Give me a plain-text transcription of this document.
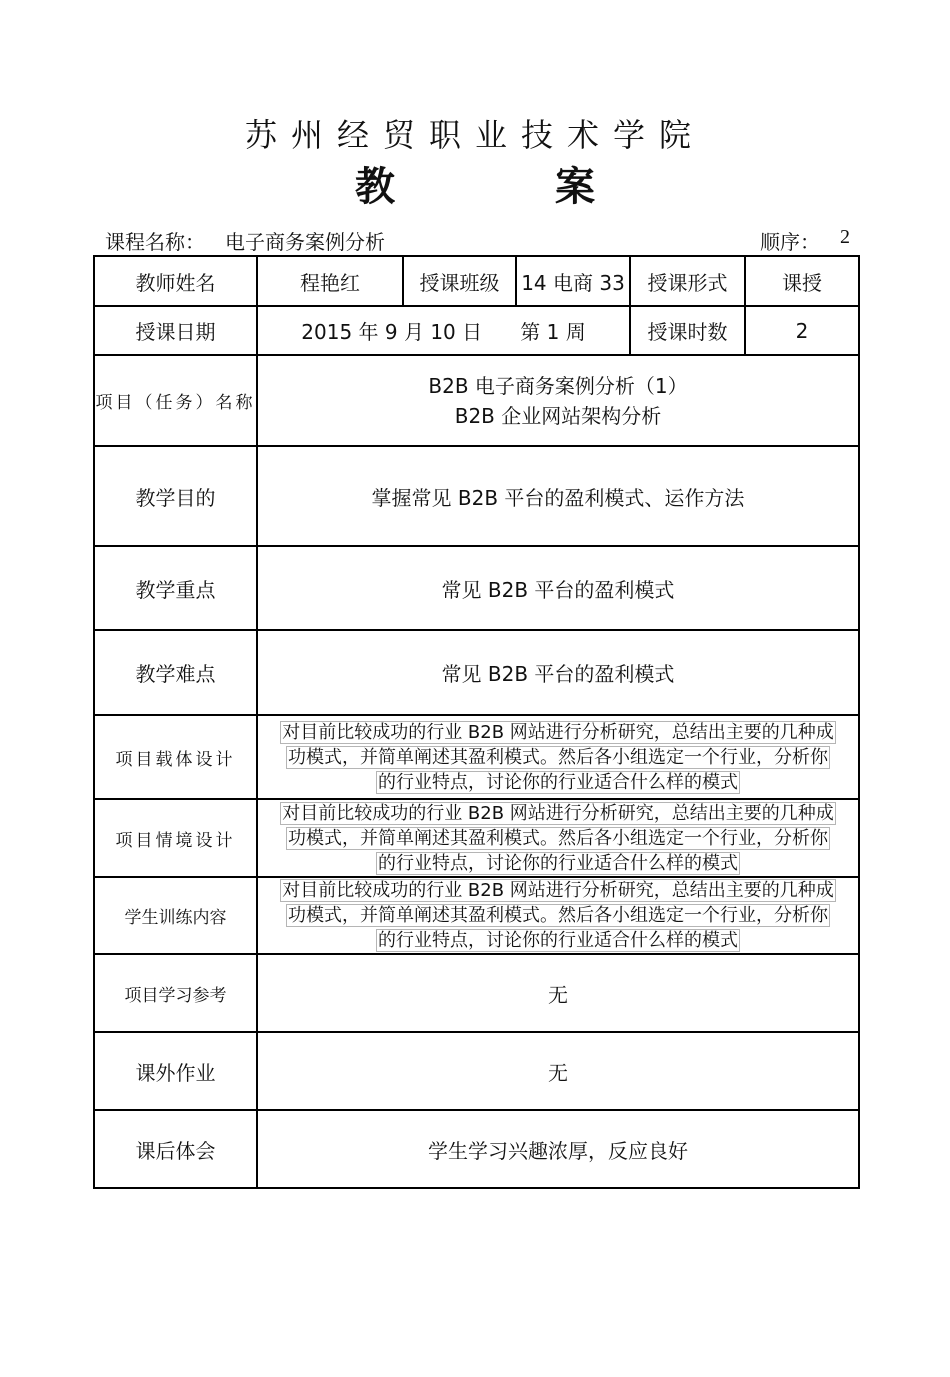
苏州经贸职业技术学院
教	案
课程名称： 电子商务案例分析	顺序： 2
教师姓名	程艳红	授课班级	14 电商 33	授课形式	课授
授课日期	2015 年 9 月 10 日 第 1 周			授课时数	2
项目（任务）名称	B2B 电子商务案例分析（1）
B2B 企业网站架构分析				

教学目的	掌握常见 B2B 平台的盈利模式、运作方法				
教学重点	常见 B2B 平台的盈利模式				
教学难点	常见 B2B 平台的盈利模式				
项目载体设计	对目前比较成功的行业 B2B 网站进行分析研究，总结出主要的几种成
功模式，并简单阐述其盈利模式。然后各小组选定一个行业，分析你
的行业特点，讨论你的行业适合什么样的模式				
项目情境设计	对目前比较成功的行业 B2B 网站进行分析研究，总结出主要的几种成
功模式，并简单阐述其盈利模式。然后各小组选定一个行业，分析你
的行业特点，讨论你的行业适合什么样的模式				
学生训练内容	对目前比较成功的行业 B2B 网站进行分析研究，总结出主要的几种成
功模式，并简单阐述其盈利模式。然后各小组选定一个行业，分析你
的行业特点，讨论你的行业适合什么样的模式				
项目学习参考	无				
课外作业	无				
课后体会	学生学习兴趣浓厚，反应良好				
